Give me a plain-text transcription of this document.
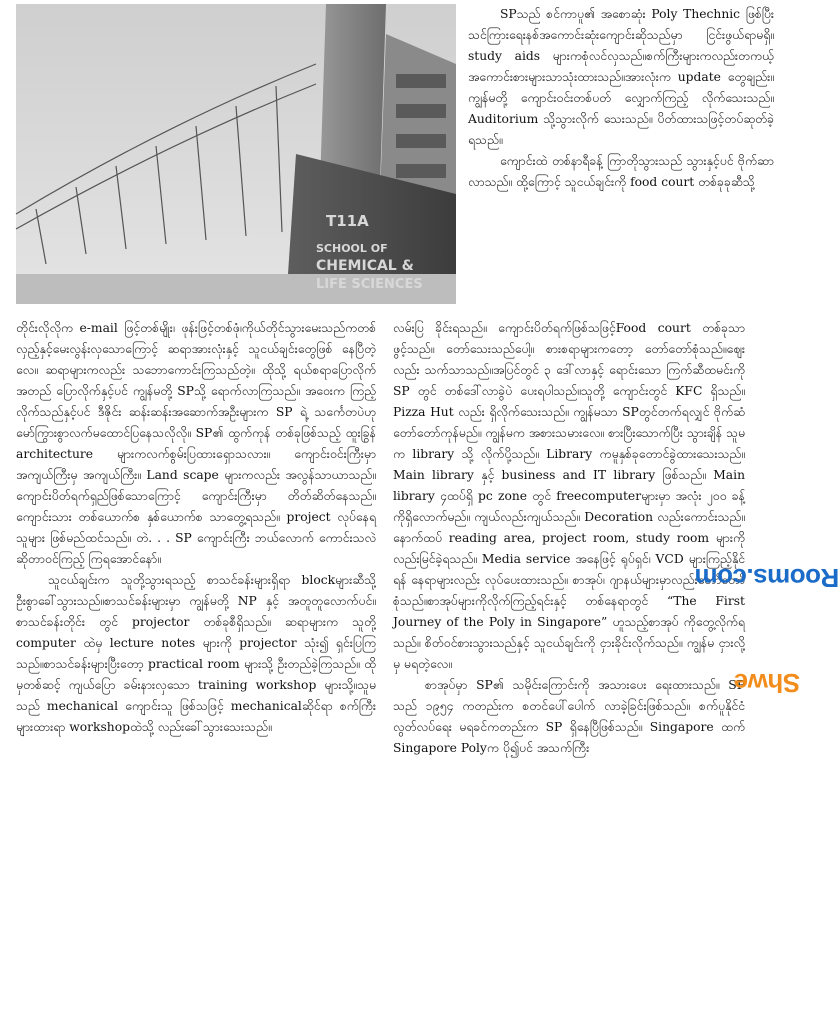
T11A
SCHOOL OF
CHEMICAL &
LIFE SCIENCES

SPသည် စင်ကာပူ၏ အစောဆုံး Poly Thechnic ဖြစ်ပြီး သင်ကြားရေးနစ်အကောင်းဆုံးကျောင်းဆိုသည်မှာ ငြင်းဖွယ်ရာမရှိ။ study aids များကစုံလင်လှသည်။စက်ကြီးများကလည်းတကယ့်အကောင်းစားများသာသုံးထားသည်။အားလုံးက update တွေချည်း။ ကျွန်မတို့ ကျောင်းဝင်းတစ်ပတ် လျှောက်ကြည့် လိုက်သေးသည်။ Auditorium သို့သွားလိုက် သေးသည်။ ပိတ်ထားသဖြင့်တပ်ဆုတ်ခဲ့ရသည်။

ကျောင်းထဲ တစ်နာရီခန့် ကြာတိုသွားသည် သွားနှင့်ပင် ဗိုက်ဆာလာသည်။ ထို့ကြောင့် သူငယ်ချင်းကို food court တစ်ခုခုဆီသို့

တိုင်းလိုလိုက e-mail ဖြင့်တစ်မျိုး၊ ဖုန်းဖြင့်တစ်ဖုံ၊ကိုယ်တိုင်သွားမေးသည်ကတစ်လှည့်နှင့်မေးလွန်းလှသောကြောင့် ဆရာအားလုံးနှင့် သူငယ်ချင်းတွေဖြစ် နေပြီတဲ့လေ။ ဆရာများကလည်း သဘောကောင်းကြသည်တဲ့။ ထိုသို့ ရယ်စရာပြောလိုက်အတည် ပြောလိုက်နှင့်ပင် ကျွန်မတို့ SPသို့ ရောက်လာကြသည်။ အဝေးက ကြည့်လိုက်သည်နှင့်ပင် ဒီဇိုင်း ဆန်းဆန်းအဆောက်အဦးများက SP ရဲ့ သင်္ကေတပဲဟု မော်ကြွားစွာလက်မထောင်ပြနေသလိုလို။ SP၏ ထွက်ကုန် တစ်ခုဖြစ်သည့် ထူးခြွန် architecture များကလက်စွမ်းပြထားရှောသလား။ ကျောင်းဝင်းကြီးမှာ အကျယ်ကြီးမှ အကျယ်ကြီး။ Land scape များကလည်း အလွန်သာယာသည်။ ကျောင်းပိတ်ရက်ရှည်ဖြစ်သောကြောင့် ကျောင်းကြီးမှာ တိတ်ဆိတ်နေသည်။ ကျောင်းသား တစ်ယောက်စ နှစ်ယောက်စ သာတွေ့ရသည်။ project လုပ်နေရသူများ ဖြစ်မည်ထင်သည်။ တဲ. . . SP ကျောင်းကြီး ဘယ်လောက် ကောင်းသလဲ ဆိုတာဝင်ကြည့် ကြရအောင်နော်။

သူငယ်ချင်းက သူတို့သွားရသည့် စာသင်ခန်းများရှိရာ blockများဆီသို့ ဦးစွာခေါ်သွားသည်။စာသင်ခန်းများမှာ ကျွန်မတို့ NP နှင့် အတူတူလောက်ပင်။ စာသင်ခန်းတိုင်း တွင် projector တစ်ခုစီရှိသည်။ ဆရာများက သူတို့ computer ထဲမှ lecture notes များကို projector သုံး၍ ရှင်းပြကြသည်။စာသင်ခန်းများပြီးတော့ practical room များသို့ ဦးတည်ခဲ့ကြသည်။ ထိုမှတစ်ဆင့် ကျယ်ပြော ခမ်းနားလှသော training workshop များသို့။သူမသည် mechanical ကျောင်းသူ ဖြစ်သဖြင့် mechanicalဆိုင်ရာ စက်ကြီးများထားရာ workshopထဲသို့ လည်းခေါ်သွားသေးသည်။

လမ်းပြ ခိုင်းရသည်။ ကျောင်းပိတ်ရက်ဖြစ်သဖြင့်Food court တစ်ခုသာဖွင့်သည်။ တော်သေးသည်ပေါ့။ စားစရာများကတော့ တော်တော်စုံသည်။ဈေးလည်း သက်သာသည်။အပြင်တွင် ၃ ဒေါ်လာနှင့် ရောင်းသော ကြက်ဆီထမင်းကို SP တွင် တစ်ဒေါ်လာခွဲပဲ ပေးရပါသည်။သူတို့ ကျောင်းတွင် KFC ရှိသည်။Pizza Hut လည်း ရှိလိုက်သေးသည်။ ကျွန်မသာ SPတွင်တက်ရလျှင် ဗိုက်ဆံ တော်တော်ကုန်မည်။ ကျွန်မက အစားသမားလေ။ စားပြီးသောက်ပြီး သွားချိန် သူမက library သို့ လိုက်ပို့သည်။ Library ကမူနှစ်ခုတောင်ခွဲထားသေးသည်။ Main library နှင့် business and IT library ဖြစ်သည်။ Main library ၄ထပ်ရှိ pc zone တွင် freecomputerများမှာ အလုံး ၂၀၀ ခန့် ကိုရှိလောက်မည်။ ကျယ်လည်းကျယ်သည်။ Decoration လည်းကောင်းသည်။ နောက်ထပ် reading area, project room, study room များကိုလည်းမြင်ခဲ့ရသည်။ Media service အနေဖြင့် ရုပ်ရှင်၊ VCD များကြည့်နိုင်ရန် နေရာများလည်း လုပ်ပေးထားသည်။ စာအုပ်၊ ဂျာနယ်များမှာလည်းတော်တော်စုံသည်။စာအုပ်များကိုလိုက်ကြည့်ရင်းနှင့် တစ်နေရာတွင် “The First Journey of the Poly in Singapore” ဟူသည့်စာအုပ် ကိုတွေ့လိုက်ရသည်။ စိတ်ဝင်စားသွားသည်နှင့် သူငယ်ချင်းကို ငှားခိုင်းလိုက်သည်။ ကျွန်မ ငှားလို့မှ မရတဲ့လေ။

စာအုပ်မှာ SP၏ သမိုင်းကြောင်းကို အသားပေး ရေးထားသည်။ SP သည် ၁၉၅၄ ကတည်းက စတင်ပေါ်ပေါက် လာခဲ့ခြင်းဖြစ်သည်။ စက်ပူနိုင်ငံ လွတ်လပ်ရေး မရခင်ကတည်းက SP ရှိနေပြီဖြစ်သည်။ Singapore ထက် Singapore Polyက ပို၍ပင် အသက်ကြီး

ShweRooms.com
